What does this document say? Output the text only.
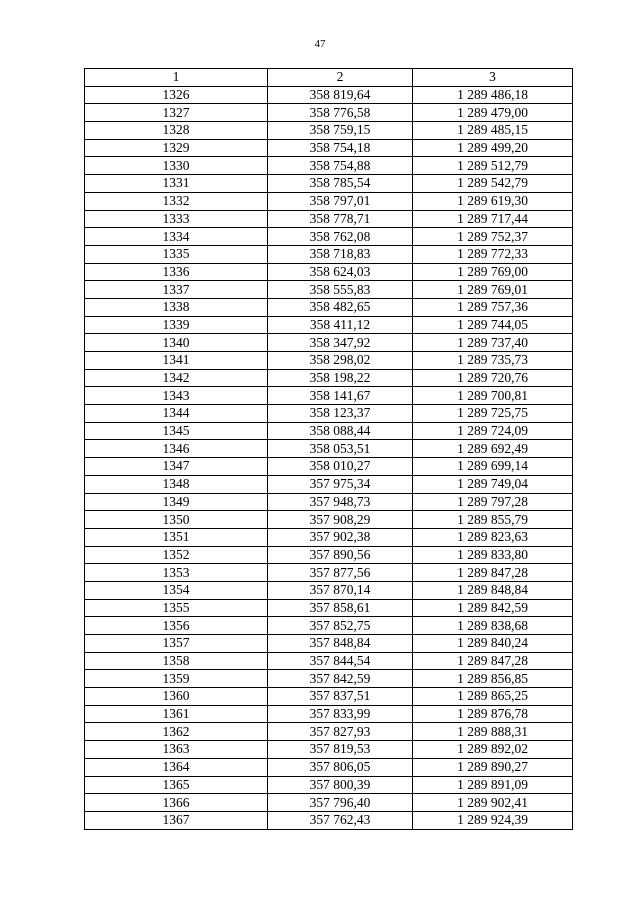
47
1	2	3
1326	358 819,64	1 289 486,18
1327	358 776,58	1 289 479,00
1328	358 759,15	1 289 485,15
1329	358 754,18	1 289 499,20
1330	358 754,88	1 289 512,79
1331	358 785,54	1 289 542,79
1332	358 797,01	1 289 619,30
1333	358 778,71	1 289 717,44
1334	358 762,08	1 289 752,37
1335	358 718,83	1 289 772,33
1336	358 624,03	1 289 769,00
1337	358 555,83	1 289 769,01
1338	358 482,65	1 289 757,36
1339	358 411,12	1 289 744,05
1340	358 347,92	1 289 737,40
1341	358 298,02	1 289 735,73
1342	358 198,22	1 289 720,76
1343	358 141,67	1 289 700,81
1344	358 123,37	1 289 725,75
1345	358 088,44	1 289 724,09
1346	358 053,51	1 289 692,49
1347	358 010,27	1 289 699,14
1348	357 975,34	1 289 749,04
1349	357 948,73	1 289 797,28
1350	357 908,29	1 289 855,79
1351	357 902,38	1 289 823,63
1352	357 890,56	1 289 833,80
1353	357 877,56	1 289 847,28
1354	357 870,14	1 289 848,84
1355	357 858,61	1 289 842,59
1356	357 852,75	1 289 838,68
1357	357 848,84	1 289 840,24
1358	357 844,54	1 289 847,28
1359	357 842,59	1 289 856,85
1360	357 837,51	1 289 865,25
1361	357 833,99	1 289 876,78
1362	357 827,93	1 289 888,31
1363	357 819,53	1 289 892,02
1364	357 806,05	1 289 890,27
1365	357 800,39	1 289 891,09
1366	357 796,40	1 289 902,41
1367	357 762,43	1 289 924,39
